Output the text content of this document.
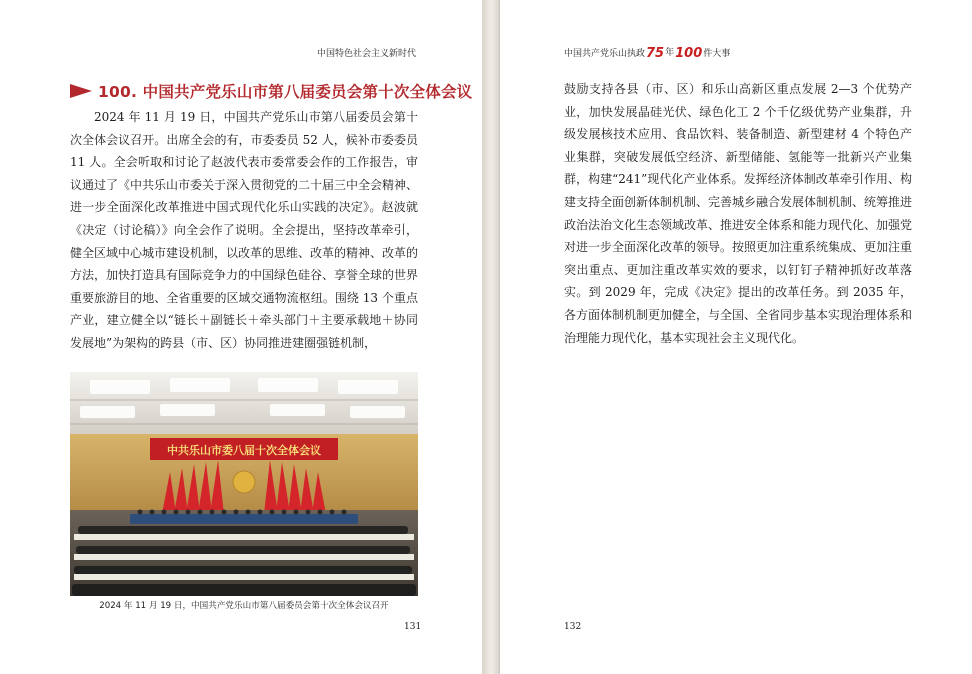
中国特色社会主义新时代
100. 中国共产党乐山市第八届委员会第十次全体会议
2024 年 11 月 19 日，中国共产党乐山市第八届委员会第十次全体会议召开。出席全会的有，市委委员 52 人，候补市委委员 11 人。全会听取和讨论了赵波代表市委常委会作的工作报告，审议通过了《中共乐山市委关于深入贯彻党的二十届三中全会精神、进一步全面深化改革推进中国式现代化乐山实践的决定》。赵波就《决定（讨论稿）》向全会作了说明。全会提出，坚持改革牵引，健全区域中心城市建设机制，以改革的思维、改革的精神、改革的方法，加快打造具有国际竞争力的中国绿色硅谷、享誉全球的世界重要旅游目的地、全省重要的区域交通物流枢纽。围绕 13 个重点产业，建立健全以“链长＋副链长＋牵头部门＋主要承载地＋协同发展地”为架构的跨县（市、区）协同推进建圈强链机制，
中共乐山市委八届十次全体会议
2024 年 11 月 19 日，中国共产党乐山市第八届委员会第十次全体会议召开
131
中国共产党乐山执政 75 年 100 件大事
鼓励支持各县（市、区）和乐山高新区重点发展 2—3 个优势产业，加快发展晶硅光伏、绿色化工 2 个千亿级优势产业集群，升级发展核技术应用、食品饮料、装备制造、新型建材 4 个特色产业集群，突破发展低空经济、新型储能、氢能等一批新兴产业集群，构建“241”现代化产业体系。发挥经济体制改革牵引作用、构建支持全面创新体制机制、完善城乡融合发展体制机制、统筹推进政治法治文化生态领域改革、推进安全体系和能力现代化、加强党对进一步全面深化改革的领导。按照更加注重系统集成、更加注重突出重点、更加注重改革实效的要求，以钉钉子精神抓好改革落实。到 2029 年，完成《决定》提出的改革任务。到 2035 年，各方面体制机制更加健全，与全国、全省同步基本实现治理体系和治理能力现代化，基本实现社会主义现代化。
132
